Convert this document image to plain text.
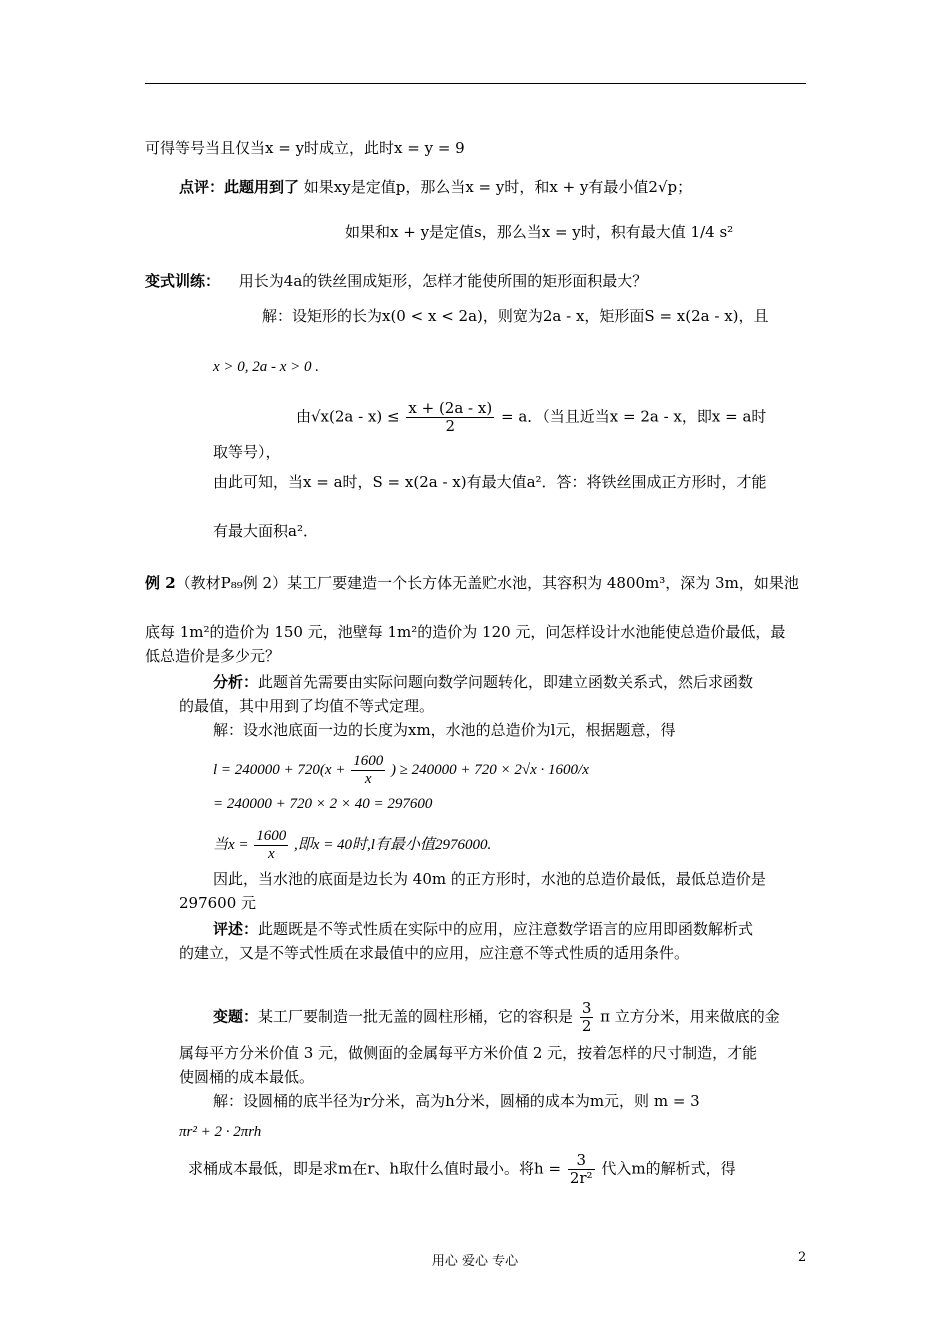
可得等号当且仅当x = y时成立，此时x = y = 9
点评：此题用到了 如果xy是定值p，那么当x = y时，和x + y有最小值2√p；
如果和x + y是定值s，那么当x = y时，积有最大值 1/4 s²
变式训练： 用长为4a的铁丝围成矩形，怎样才能使所围的矩形面积最大？
解：设矩形的长为x(0 < x < 2a)，则宽为2a - x，矩形面S = x(2a - x)，且
x > 0, 2a - x > 0 .
由$√x(2a - x) \le \frac{x + (2a - x)}{2} = a$．（当且近当x = 2a - x，即x = a时
取等号），
由此可知，当x = a时，S = x(2a - x)有最大值a²．答：将铁丝围成正方形时，才能
有最大面积a²．
例 2（教材P₈₉例 2）某工厂要建造一个长方体无盖贮水池，其容积为 4800m³，深为 3m，如果池
底每 1m²的造价为 150 元，池壁每 1m²的造价为 120 元，问怎样设计水池能使总造价最低，最
低总造价是多少元？
分析：此题首先需要由实际问题向数学问题转化，即建立函数关系式，然后求函数
的最值，其中用到了均值不等式定理。
解：设水池底面一边的长度为xm，水池的总造价为l元，根据题意，得
$l = 240000 + 720(x + \frac{1600}{x}$ ) ≥ 240000 + 720 × 2√x · 1600/x
= 240000 + 720 × 2 × 40 = 297600
当$x = \frac{1600}{x}$ ,即x = 40时,l有最小值2976000.
因此，当水池的底面是边长为 40m 的正方形时，水池的总造价最低，最低总造价是
297600 元
评述：此题既是不等式性质在实际中的应用，应注意数学语言的应用即函数解析式
的建立，又是不等式性质在求最值中的应用，应注意不等式性质的适用条件。
变题：某工厂要制造一批无盖的圆柱形桶，它的容积是 $\frac{3}{2}$ π 立方分米，用来做底的金
属每平方分米价值 3 元，做侧面的金属每平方米价值 2 元，按着怎样的尺寸制造，才能
使圆桶的成本最低。
解：设圆桶的底半径为r分米，高为h分米，圆桶的成本为m元，则 m = 3
πr² + 2 · 2πrh
求桶成本最低，即是求m在r、h取什么值时最小。将$h = \frac{3}{\text{2r²}}$ 代入m的解析式，得
用心 爱心 专心	2
